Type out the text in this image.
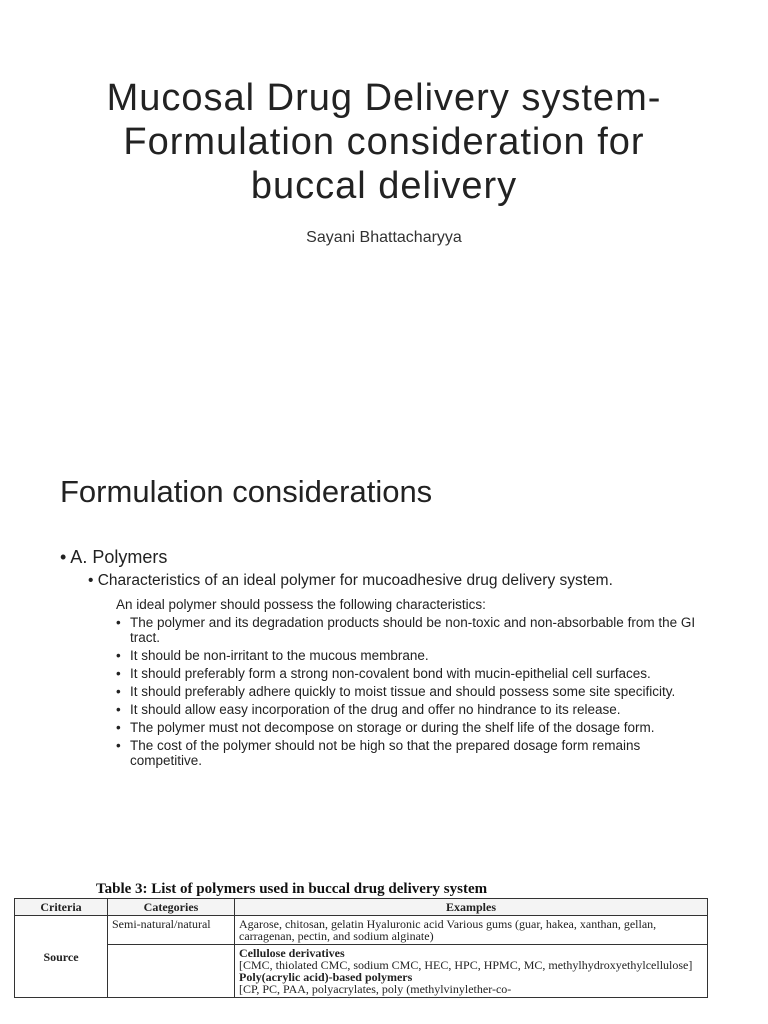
Mucosal Drug Delivery system-
Formulation consideration for
buccal delivery
Sayani Bhattacharyya
Formulation considerations
• A. Polymers
• Characteristics of an ideal polymer for mucoadhesive drug delivery system.
An ideal polymer should possess the following characteristics:
• The polymer and its degradation products should be non-toxic and non-absorbable from the GI tract.
• It should be non-irritant to the mucous membrane.
• It should preferably form a strong non-covalent bond with mucin-epithelial cell surfaces.
• It should preferably adhere quickly to moist tissue and should possess some site specificity.
• It should allow easy incorporation of the drug and offer no hindrance to its release.
• The polymer must not decompose on storage or during the shelf life of the dosage form.
• The cost of the polymer should not be high so that the prepared dosage form remains competitive.
Table 3: List of polymers used in buccal drug delivery system
Criteria	Categories	Examples
Source	Semi-natural/natural	Agarose, chitosan, gelatin Hyaluronic acid Various gums (guar, hakea, xanthan, gellan, carragenan, pectin, and sodium alginate)

		Cellulose derivatives
[CMC, thiolated CMC, sodium CMC, HEC, HPC, HPMC, MC, methylhydroxyethylcellulose]
Poly(acrylic acid)-based polymers
[CP, PC, PAA, polyacrylates, poly (methylvinylether-co-
